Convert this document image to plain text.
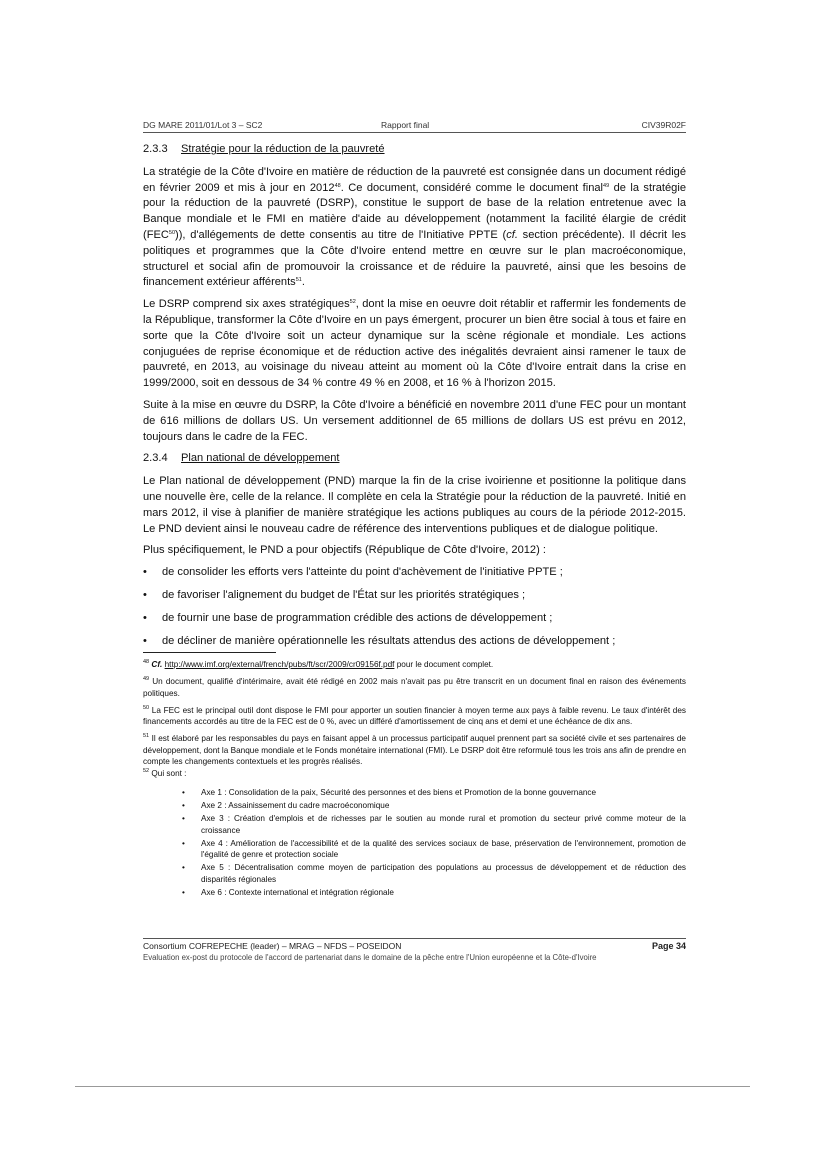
DG MARE 2011/01/Lot 3 – SC2	Rapport final	CIV39R02F
2.3.3 Stratégie pour la réduction de la pauvreté

La stratégie de la Côte d'Ivoire en matière de réduction de la pauvreté est consignée dans un document rédigé en février 2009 et mis à jour en 2012$^{48}$. Ce document, considéré comme le document final$^{49}$ de la stratégie pour la réduction de la pauvreté (DSRP), constitue le support de base de la relation entretenue avec la Banque mondiale et le FMI en matière d'aide au développement (notamment la facilité élargie de crédit (FEC$^{50}$)), d'allégements de dette consentis au titre de l'Initiative PPTE (cf. section précédente). Il décrit les politiques et programmes que la Côte d'Ivoire entend mettre en œuvre sur le plan macroéconomique, structurel et social afin de promouvoir la croissance et de réduire la pauvreté, ainsi que les besoins de financement extérieur afférents$^{51}$.

Le DSRP comprend six axes stratégiques$^{52}$, dont la mise en oeuvre doit rétablir et raffermir les fondements de la République, transformer la Côte d'Ivoire en un pays émergent, procurer un bien être social à tous et faire en sorte que la Côte d'Ivoire soit un acteur dynamique sur la scène régionale et mondiale. Les actions conjuguées de reprise économique et de réduction active des inégalités devraient ainsi ramener le taux de pauvreté, en 2013, au voisinage du niveau atteint au moment où la Côte d'Ivoire entrait dans la crise en 1999/2000, soit en dessous de 34 % contre 49 % en 2008, et 16 % à l'horizon 2015.

Suite à la mise en œuvre du DSRP, la Côte d'Ivoire a bénéficié en novembre 2011 d'une FEC pour un montant de 616 millions de dollars US. Un versement additionnel de 65 millions de dollars US est prévu en 2012, toujours dans le cadre de la FEC.

2.3.4 Plan national de développement

Le Plan national de développement (PND) marque la fin de la crise ivoirienne et positionne la politique dans une nouvelle ère, celle de la relance. Il complète en cela la Stratégie pour la réduction de la pauvreté. Initié en mars 2012, il vise à planifier de manière stratégique les actions publiques au cours de la période 2012-2015. Le PND devient ainsi le nouveau cadre de référence des interventions publiques et de dialogue politique.

Plus spécifiquement, le PND a pour objectifs (République de Côte d'Ivoire, 2012) :

• de consolider les efforts vers l'atteinte du point d'achèvement de l'initiative PPTE ;
• de favoriser l'alignement du budget de l'État sur les priorités stratégiques ;
• de fournir une base de programmation crédible des actions de développement ;
• de décliner de manière opérationnelle les résultats attendus des actions de développement ;
$^{48}$ Cf. http://www.imf.org/external/french/pubs/ft/scr/2009/cr09156f.pdf pour le document complet.
$^{49}$ Un document, qualifié d'intérimaire, avait été rédigé en 2002 mais n'avait pas pu être transcrit en un document final en raison des événements politiques.
$^{50}$ La FEC est le principal outil dont dispose le FMI pour apporter un soutien financier à moyen terme aux pays à faible revenu. Le taux d'intérêt des financements accordés au titre de la FEC est de 0 %, avec un différé d'amortissement de cinq ans et demi et une échéance de dix ans.
$^{51}$ Il est élaboré par les responsables du pays en faisant appel à un processus participatif auquel prennent part sa société civile et ses partenaires de développement, dont la Banque mondiale et le Fonds monétaire international (FMI). Le DSRP doit être reformulé tous les trois ans afin de prendre en compte les changements contextuels et les progrès réalisés.
$^{52}$ Qui sont :
• Axe 1 : Consolidation de la paix, Sécurité des personnes et des biens et Promotion de la bonne gouvernance
• Axe 2 : Assainissement du cadre macroéconomique
• Axe 3 : Création d'emplois et de richesses par le soutien au monde rural et promotion du secteur privé comme moteur de la croissance
• Axe 4 : Amélioration de l'accessibilité et de la qualité des services sociaux de base, préservation de l'environnement, promotion de l'égalité de genre et protection sociale
• Axe 5 : Décentralisation comme moyen de participation des populations au processus de développement et de réduction des disparités régionales
• Axe 6 : Contexte international et intégration régionale
Consortium COFREPECHE (leader) – MRAG – NFDS – POSEIDON	Page 34
Evaluation ex-post du protocole de l'accord de partenariat dans le domaine de la pêche entre l'Union européenne et la Côte-d'Ivoire
